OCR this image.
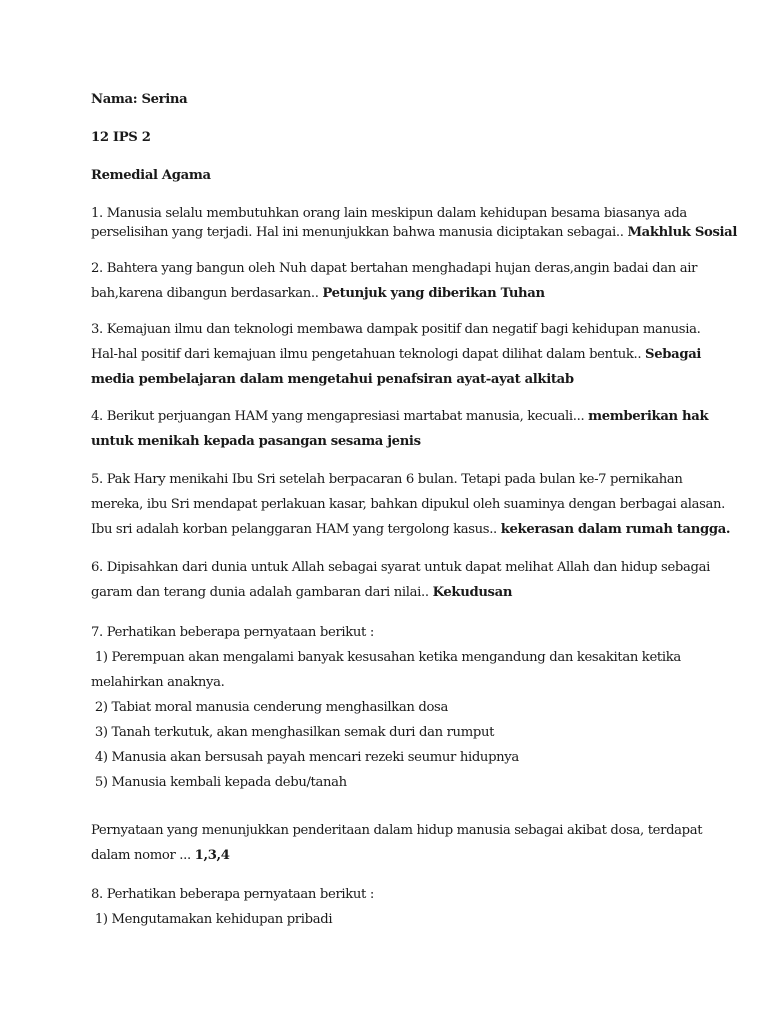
Nama: Serina
12 IPS 2
Remedial Agama
1. Manusia selalu membutuhkan orang lain meskipun dalam kehidupan besama biasanya ada
perselisihan yang terjadi. Hal ini menunjukkan bahwa manusia diciptakan sebagai.. Makhluk Sosial
2. Bahtera yang bangun oleh Nuh dapat bertahan menghadapi hujan deras,angin badai dan air
bah,karena dibangun berdasarkan.. Petunjuk yang diberikan Tuhan
3. Kemajuan ilmu dan teknologi membawa dampak positif dan negatif bagi kehidupan manusia.
Hal-hal positif dari kemajuan ilmu pengetahuan teknologi dapat dilihat dalam bentuk.. Sebagai
media pembelajaran dalam mengetahui penafsiran ayat-ayat alkitab
4. Berikut perjuangan HAM yang mengapresiasi martabat manusia, kecuali... memberikan hak
untuk menikah kepada pasangan sesama jenis
5. Pak Hary menikahi Ibu Sri setelah berpacaran 6 bulan. Tetapi pada bulan ke-7 pernikahan
mereka, ibu Sri mendapat perlakuan kasar, bahkan dipukul oleh suaminya dengan berbagai alasan.
Ibu sri adalah korban pelanggaran HAM yang tergolong kasus.. kekerasan dalam rumah tangga.
6. Dipisahkan dari dunia untuk Allah sebagai syarat untuk dapat melihat Allah dan hidup sebagai
garam dan terang dunia adalah gambaran dari nilai.. Kekudusan
7. Perhatikan beberapa pernyataan berikut :
1) Perempuan akan mengalami banyak kesusahan ketika mengandung dan kesakitan ketika
melahirkan anaknya.
2) Tabiat moral manusia cenderung menghasilkan dosa
3) Tanah terkutuk, akan menghasilkan semak duri dan rumput
4) Manusia akan bersusah payah mencari rezeki seumur hidupnya
5) Manusia kembali kepada debu/tanah
Pernyataan yang menunjukkan penderitaan dalam hidup manusia sebagai akibat dosa, terdapat
dalam nomor ... 1,3,4
8. Perhatikan beberapa pernyataan berikut :
1) Mengutamakan kehidupan pribadi
